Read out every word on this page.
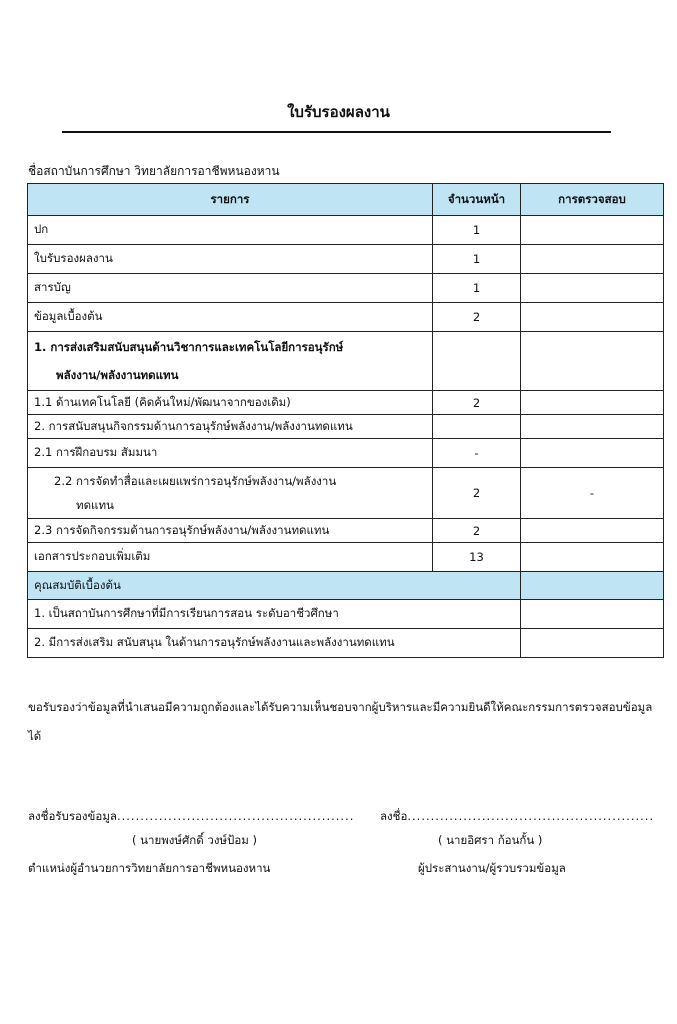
ใบรับรองผลงาน
ชื่อสถาบันการศึกษา วิทยาลัยการอาชีพหนองหาน
รายการ	จำนวนหน้า	การตรวจสอบ
ปก	1	
ใบรับรองผลงาน	1	
สารบัญ	1	
ข้อมูลเบื้องต้น	2	

1. การส่งเสริมสนับสนุนด้านวิชาการและเทคโนโลยีการอนุรักษ์
พลังงาน/พลังงานทดแทน		

1.1 ด้านเทคโนโลยี (คิดค้นใหม่/พัฒนาจากของเดิม)	2	
2. การสนับสนุนกิจกรรมด้านการอนุรักษ์พลังงาน/พลังงานทดแทน		
2.1 การฝึกอบรม สัมมนา	-	

2.2 การจัดทำสื่อและเผยแพร่การอนุรักษ์พลังงาน/พลังงาน
ทดแทน	2	-
2.3 การจัดกิจกรรมด้านการอนุรักษ์พลังงาน/พลังงานทดแทน	2	
เอกสารประกอบเพิ่มเติม	13	
คุณสมบัติเบื้องต้น		
1. เป็นสถาบันการศึกษาที่มีการเรียนการสอน ระดับอาชีวศึกษา		
2. มีการส่งเสริม สนับสนุน ในด้านการอนุรักษ์พลังงานและพลังงานทดแทน		
ขอรับรองว่าข้อมูลที่นำเสนอมีความถูกต้องและได้รับความเห็นชอบจากผู้บริหารและมีความยินดีให้คณะกรรมการตรวจสอบข้อมูลได้
ลงชื่อรับรองข้อมูล...................................................
( นายพงษ์ศักดิ์ วงษ์ป้อม )
ตำแหน่งผู้อำนวยการวิทยาลัยการอาชีพหนองหาน
ลงชื่อ.....................................................
( นายอิศรา ก้อนกั้น )
ผู้ประสานงาน/ผู้รวบรวมข้อมูล
